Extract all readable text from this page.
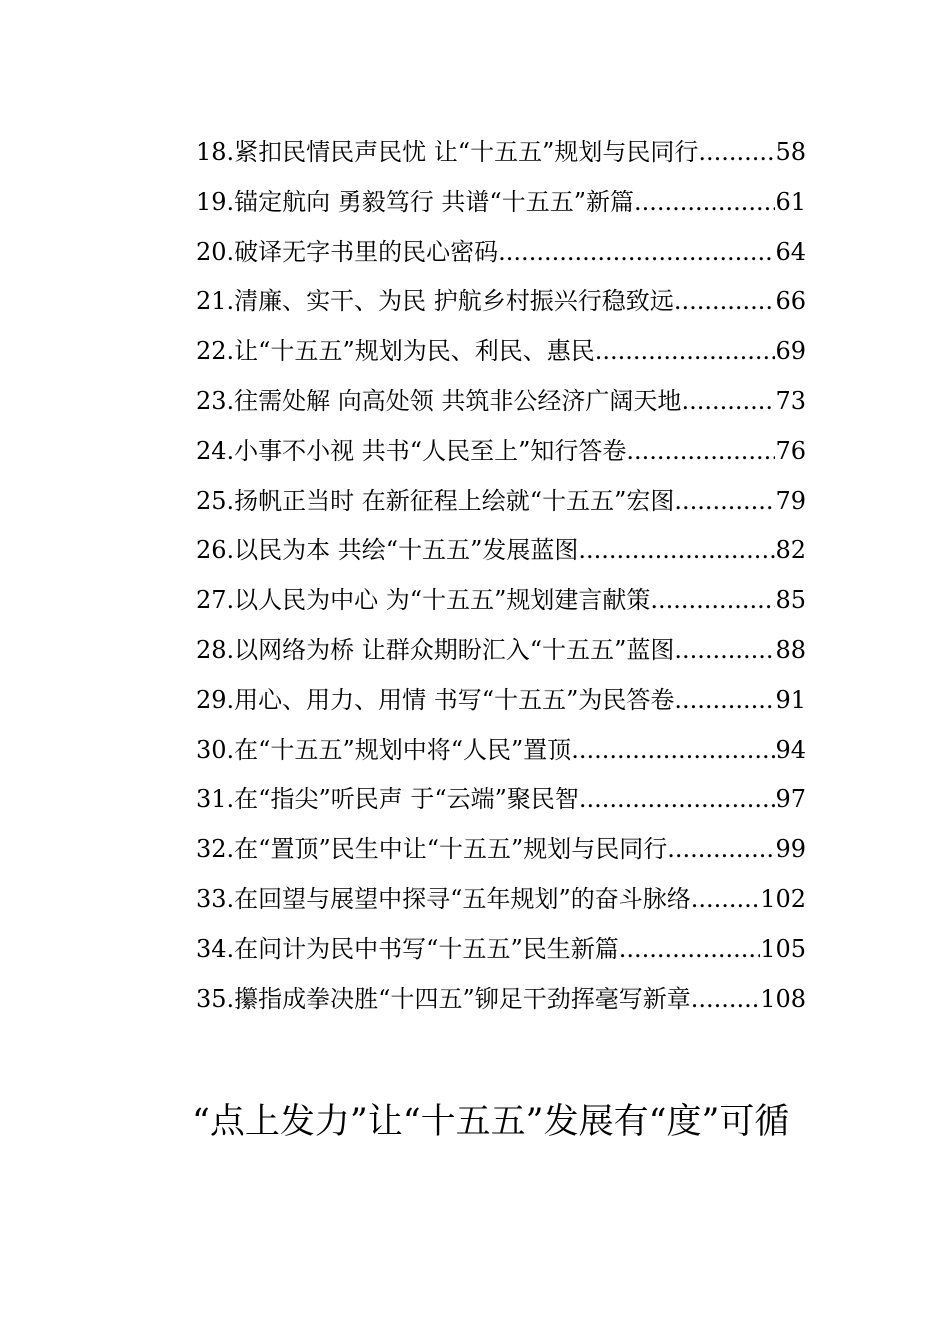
18. 紧扣民情民声民忧 让“十五五”规划与民同行 .....	58
19. 锚定航向 勇毅笃行 共谱“十五五”新篇 .....	61
20. 破译无字书里的民心密码 .....	64
21. 清廉、实干、为民 护航乡村振兴行稳致远 .....	66
22. 让“十五五”规划为民、利民、惠民 .....	69
23. 往需处解 向高处领 共筑非公经济广阔天地 .....	73
24. 小事不小视 共书“人民至上”知行答卷 .....	76
25. 扬帆正当时 在新征程上绘就“十五五”宏图 .....	79
26. 以民为本 共绘“十五五”发展蓝图 .....	82
27. 以人民为中心 为“十五五”规划建言献策 .....	85
28. 以网络为桥 让群众期盼汇入“十五五”蓝图 .....	88
29. 用心、用力、用情 书写“十五五”为民答卷 .....	91
30. 在“十五五”规划中将“人民”置顶 .....	94
31. 在“指尖”听民声 于“云端”聚民智 .....	97
32. 在“置顶”民生中让“十五五”规划与民同行 .....	99
33. 在回望与展望中探寻“五年规划”的奋斗脉络 .....	102
34. 在问计为民中书写“十五五”民生新篇 .....	105
35. 攥指成拳决胜“十四五”铆足干劲挥毫写新章 .....	108
“点上发力”让“十五五”发展有“度”可循
